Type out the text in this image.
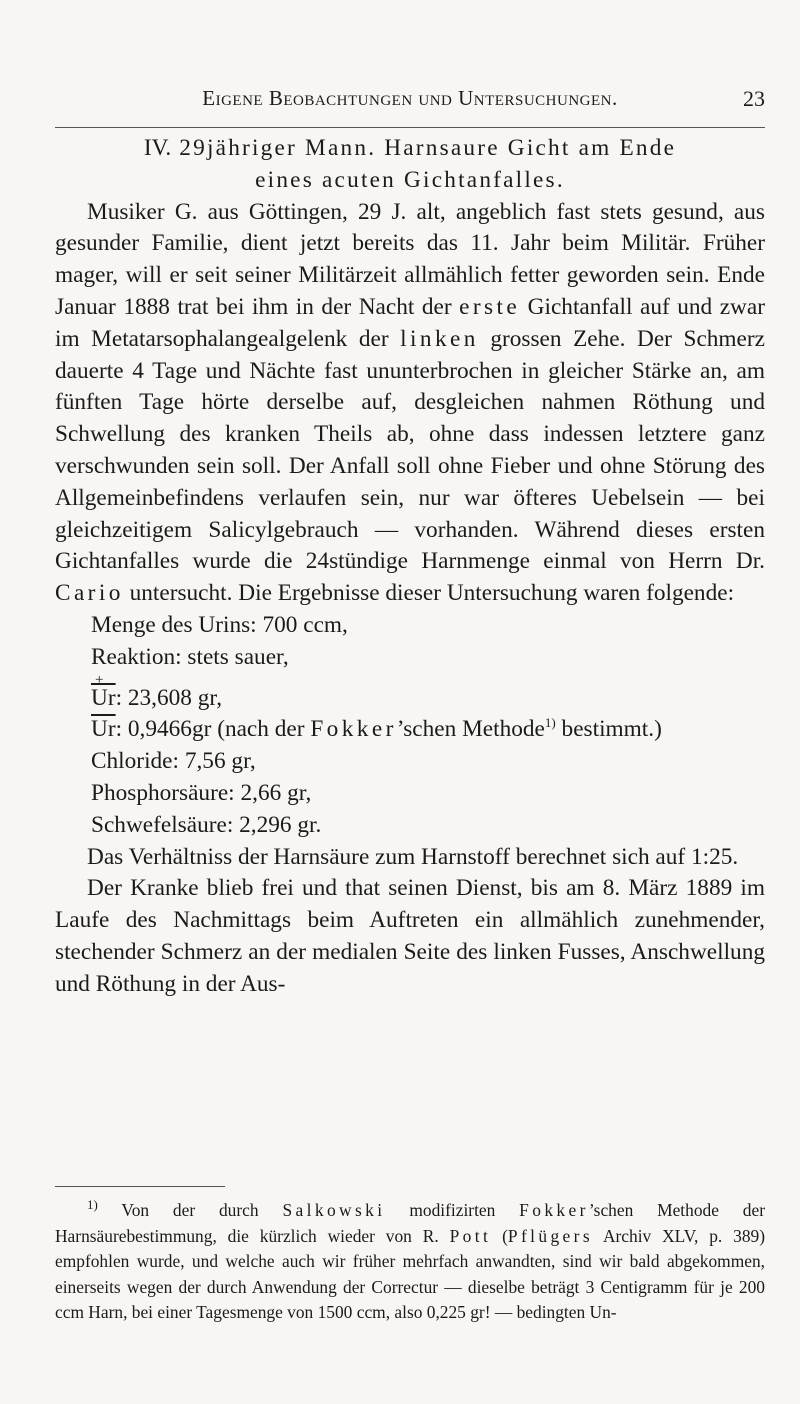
Eigene Beobachtungen und Untersuchungen.	23
IV. 29jähriger Mann. Harnsaure Gicht am Ende
eines acuten Gichtanfalles.

Musiker G. aus Göttingen, 29 J. alt, angeblich fast stets gesund, aus gesunder Familie, dient jetzt bereits das 11. Jahr beim Militär. Früher mager, will er seit seiner Militärzeit allmählich fetter geworden sein. Ende Januar 1888 trat bei ihm in der Nacht der erste Gichtanfall auf und zwar im Metatarsophalangealgelenk der linken grossen Zehe. Der Schmerz dauerte 4 Tage und Nächte fast ununterbrochen in gleicher Stärke an, am fünften Tage hörte derselbe auf, desgleichen nahmen Röthung und Schwellung des kranken Theils ab, ohne dass indessen letztere ganz verschwunden sein soll. Der Anfall soll ohne Fieber und ohne Störung des Allgemeinbefindens verlaufen sein, nur war öfteres Uebelsein — bei gleichzeitigem Salicylgebrauch — vorhanden. Während dieses ersten Gichtanfalles wurde die 24stündige Harnmenge einmal von Herrn Dr. Cario untersucht. Die Ergebnisse dieser Untersuchung waren folgende:

Menge des Urins: 700 ccm,
Reaktion: stets sauer,
+
$\overline{Ur}$: 23,608 gr,
$\overline{Ur}$: 0,9466gr (nach der Fokker’schen Methode$^{1)}$ bestimmt.)
Chloride: 7,56 gr,
Phosphorsäure: 2,66 gr,
Schwefelsäure: 2,296 gr.

Das Verhältniss der Harnsäure zum Harnstoff berechnet sich auf 1:25.

Der Kranke blieb frei und that seinen Dienst, bis am 8. März 1889 im Laufe des Nachmittags beim Auftreten ein allmählich zunehmender, stechender Schmerz an der medialen Seite des linken Fusses, Anschwellung und Röthung in der Aus-

$^{1)}$ Von der durch Salkowski modifizirten Fokker’schen Methode der Harnsäurebestimmung, die kürzlich wieder von R. Pott (Pflügers Archiv XLV, p. 389) empfohlen wurde, und welche auch wir früher mehrfach anwandten, sind wir bald abgekommen, einerseits wegen der durch Anwendung der Correctur — dieselbe beträgt 3 Centigramm für je 200 ccm Harn, bei einer Tagesmenge von 1500 ccm, also 0,225 gr! — bedingten Un-
